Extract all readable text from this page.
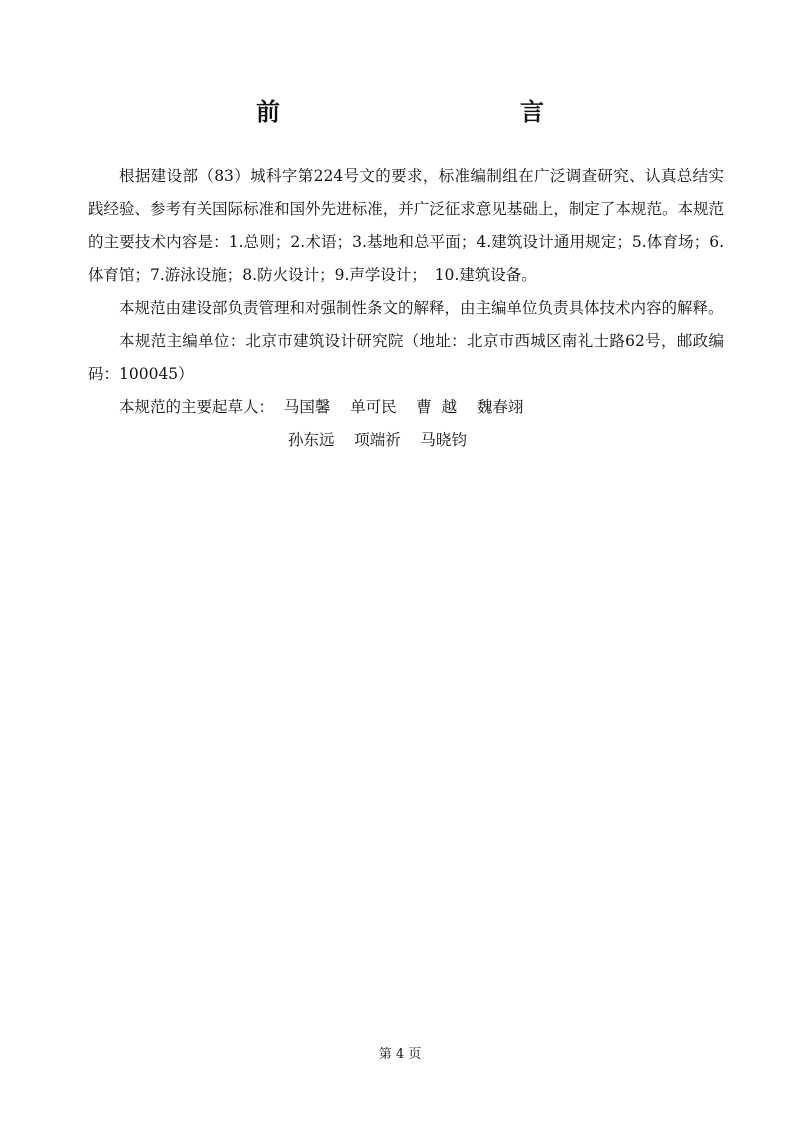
前　　言

根据建设部（83）城科字第224号文的要求，标准编制组在广泛调查研究、认真总结实践经验、参考有关国际标准和国外先进标准，并广泛征求意见基础上，制定了本规范。本规范的主要技术内容是：1.总则；2.术语；3.基地和总平面；4.建筑设计通用规定；5.体育场；6.体育馆；7.游泳设施；8.防火设计；9.声学设计；　10.建筑设备。

本规范由建设部负责管理和对强制性条文的解释，由主编单位负责具体技术内容的解释。

本规范主编单位：北京市建筑设计研究院（地址：北京市西城区南礼士路62号，邮政编码：100045）

本规范的主要起草人：  马国馨    单可民    曹  越    魏春翊

孙东远    项端祈    马晓钧

第 4 页
